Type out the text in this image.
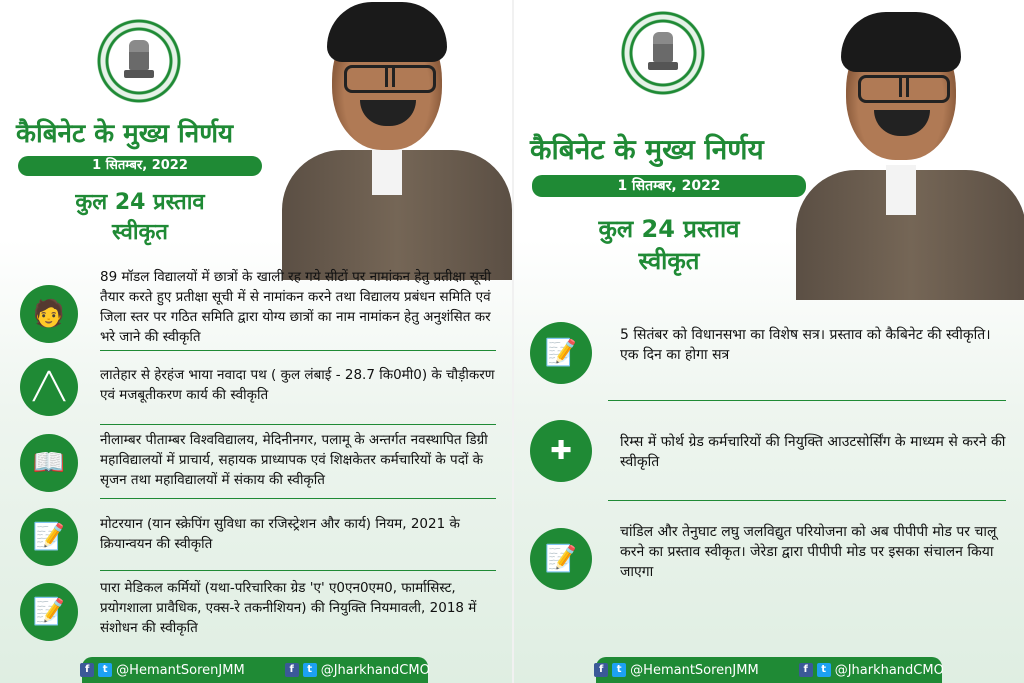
कैबिनेट के मुख्य निर्णय
1 सितम्बर, 2022
कुल 24 प्रस्ताव
स्वीकृत
🧑
89 मॉडल विद्यालयों में छात्रों के खाली रह गये सीटों पर नामांकन हेतु प्रतीक्षा सूची तैयार करते हुए प्रतीक्षा सूची में से नामांकन करने तथा विद्यालय प्रबंधन समिति एवं जिला स्तर पर गठित समिति द्वारा योग्य छात्रों का नाम नामांकन हेतु अनुशंसित कर भरे जाने की स्वीकृति
╱╲	लातेहार से हेरहंज भाया नवादा पथ ( कुल लंबाई - 28.7 कि0मी0) के चौड़ीकरण एवं मजबूतीकरण कार्य की स्वीकृति
📖
नीलाम्बर पीताम्बर विश्वविद्यालय, मेदिनीनगर, पलामू के अन्तर्गत नवस्थापित डिग्री महाविद्यालयों में प्राचार्य, सहायक प्राध्यापक एवं शिक्षकेतर कर्मचारियों के पदों के सृजन तथा महाविद्यालयों में संकाय की स्वीकृति
📝	मोटरयान (यान स्क्रेपिंग सुविधा का रजिस्ट्रेशन और कार्य) नियम, 2021 के क्रियान्वयन की स्वीकृति
📝
पारा मेडिकल कर्मियों (यथा-परिचारिका ग्रेड 'ए' ए0एन0एम0, फार्मासिस्ट, प्रयोगशाला प्रावैधिक, एक्स-रे तकनीशियन) की नियुक्ति नियमावली, 2018 में संशोधन की स्वीकृति
f	t @HemantSorenJMM	f	t @JharkhandCMO
कैबिनेट के मुख्य निर्णय
1 सितम्बर, 2022
कुल 24 प्रस्ताव
स्वीकृत
📝
5 सितंबर को विधानसभा का विशेष सत्र। प्रस्ताव को कैबिनेट की स्वीकृति। एक दिन का होगा सत्र
✚	रिम्स में फोर्थ ग्रेड कर्मचारियों की नियुक्ति आउटसोर्सिंग के माध्यम से करने की स्वीकृति
📝
चांडिल और तेनुघाट लघु जलविद्युत परियोजना को अब पीपीपी मोड पर चालू करने का प्रस्ताव स्वीकृत। जेरेडा द्वारा पीपीपी मोड पर इसका संचालन किया जाएगा
f	t @HemantSorenJMM	f	t @JharkhandCMO
